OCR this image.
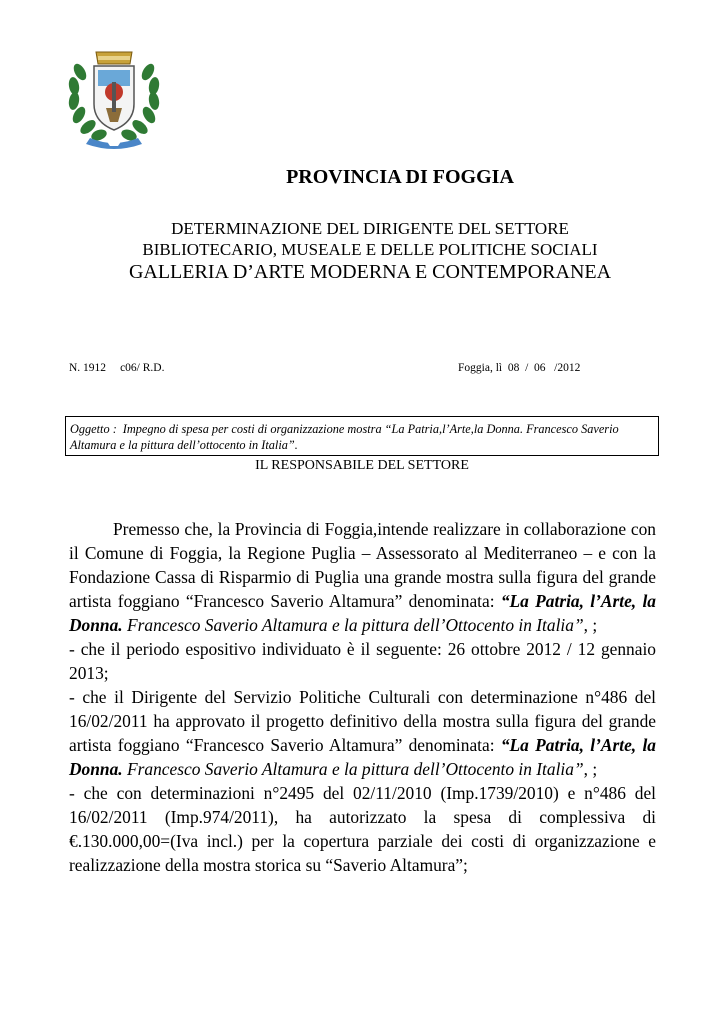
PROVINCIA DI FOGGIA
DETERMINAZIONE DEL DIRIGENTE DEL SETTORE
BIBLIOTECARIO, MUSEALE E DELLE POLITICHE SOCIALI
GALLERIA D’ARTE MODERNA E CONTEMPORANEA
N. 1912 c06/ R.D.	Foggia, lì  08  /  06   /2012
Oggetto : Impegno di spesa per costi di organizzazione mostra “La Patria,l’Arte,la Donna. Francesco Saverio Altamura e la pittura dell’ottocento in Italia”.
IL RESPONSABILE DEL SETTORE

Premesso che, la Provincia di Foggia,intende realizzare in collaborazione con il Comune di Foggia, la Regione Puglia – Assessorato al Mediterraneo – e con la Fondazione Cassa di Risparmio di Puglia una grande mostra sulla figura del grande artista foggiano “Francesco Saverio Altamura” denominata: “La Patria, l’Arte, la Donna. Francesco Saverio Altamura e la pittura dell’Ottocento in Italia”, ;

- che il periodo espositivo individuato è il seguente: 26 ottobre 2012 / 12 gennaio 2013;

- che il Dirigente del Servizio Politiche Culturali con determinazione n°486 del 16/02/2011 ha approvato il progetto definitivo della mostra sulla figura del grande artista foggiano “Francesco Saverio Altamura” denominata: “La Patria, l’Arte, la Donna. Francesco Saverio Altamura e la pittura dell’Ottocento in Italia”, ;

- che con determinazioni n°2495 del 02/11/2010 (Imp.1739/2010) e n°486 del 16/02/2011 (Imp.974/2011), ha autorizzato la spesa di complessiva di €.130.000,00=(Iva incl.) per la copertura parziale dei costi di organizzazione e realizzazione della mostra storica su “Saverio Altamura”;
